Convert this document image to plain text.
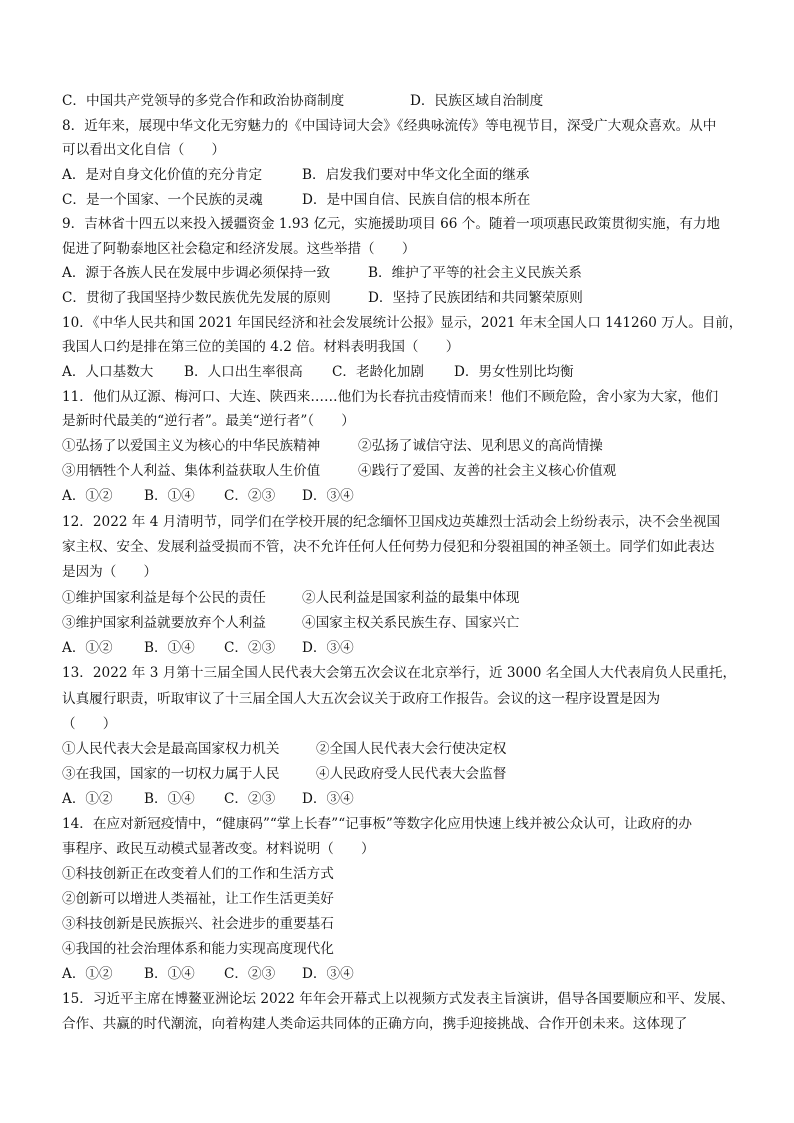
C．中国共产党领导的多党合作和政治协商制度	D．民族区域自治制度
8．近年来，展现中华文化无穷魅力的《中国诗词大会》《经典咏流传》等电视节目，深受广大观众喜欢。从中
可以看出文化自信（　　）
A．是对自身文化价值的充分肯定	B．启发我们要对中华文化全面的继承
C．是一个国家、一个民族的灵魂	D．是中国自信、民族自信的根本所在
9．吉林省十四五以来投入援疆资金 1.93 亿元，实施援助项目 66 个。随着一项项惠民政策贯彻实施，有力地
促进了阿勒泰地区社会稳定和经济发展。这些举措（　　）
A．源于各族人民在发展中步调必须保持一致	B．维护了平等的社会主义民族关系
C．贯彻了我国坚持少数民族优先发展的原则	D．坚持了民族团结和共同繁荣原则
10．《中华人民共和国 2021 年国民经济和社会发展统计公报》显示，2021 年末全国人口 141260 万人。目前，
我国人口约是排在第三位的美国的 4.2 倍。材料表明我国（　　）
A．人口基数大 B．人口出生率很高 C．老龄化加剧 D．男女性别比均衡
11．他们从辽源、梅河口、大连、陕西来……他们为长春抗击疫情而来！他们不顾危险，舍小家为大家，他们
是新时代最美的“逆行者”。最美“逆行者”（　　）
①弘扬了以爱国主义为核心的中华民族精神	②弘扬了诚信守法、见利思义的高尚情操
③用牺牲个人利益、集体利益获取人生价值	④践行了爱国、友善的社会主义核心价值观
A．①② B．①④ C．②③ D．③④
12．2022 年 4 月清明节，同学们在学校开展的纪念缅怀卫国戍边英雄烈士活动会上纷纷表示，决不会坐视国
家主权、安全、发展利益受损而不管，决不允许任何人任何势力侵犯和分裂祖国的神圣领土。同学们如此表达
是因为（　　）
①维护国家利益是每个公民的责任	②人民利益是国家利益的最集中体现
③维护国家利益就要放弃个人利益	④国家主权关系民族生存、国家兴亡
A．①② B．①④ C．②③ D．③④
13．2022 年 3 月第十三届全国人民代表大会第五次会议在北京举行，近 3000 名全国人大代表肩负人民重托，
认真履行职责，听取审议了十三届全国人大五次会议关于政府工作报告。会议的这一程序设置是因为
（　　）
①人民代表大会是最高国家权力机关	②全国人民代表大会行使决定权
③在我国，国家的一切权力属于人民	④人民政府受人民代表大会监督
A．①② B．①④ C．②③ D．③④
14．在应对新冠疫情中，“健康码”“掌上长春”“记事板”等数字化应用快速上线并被公众认可，让政府的办
事程序、政民互动模式显著改变。材料说明（　　）
①科技创新正在改变着人们的工作和生活方式
②创新可以增进人类福祉，让工作生活更美好
③科技创新是民族振兴、社会进步的重要基石
④我国的社会治理体系和能力实现高度现代化
A．①② B．①④ C．②③ D．③④
15．习近平主席在博鳌亚洲论坛 2022 年年会开幕式上以视频方式发表主旨演讲，倡导各国要顺应和平、发展、
合作、共赢的时代潮流，向着构建人类命运共同体的正确方向，携手迎接挑战、合作开创未来。这体现了
